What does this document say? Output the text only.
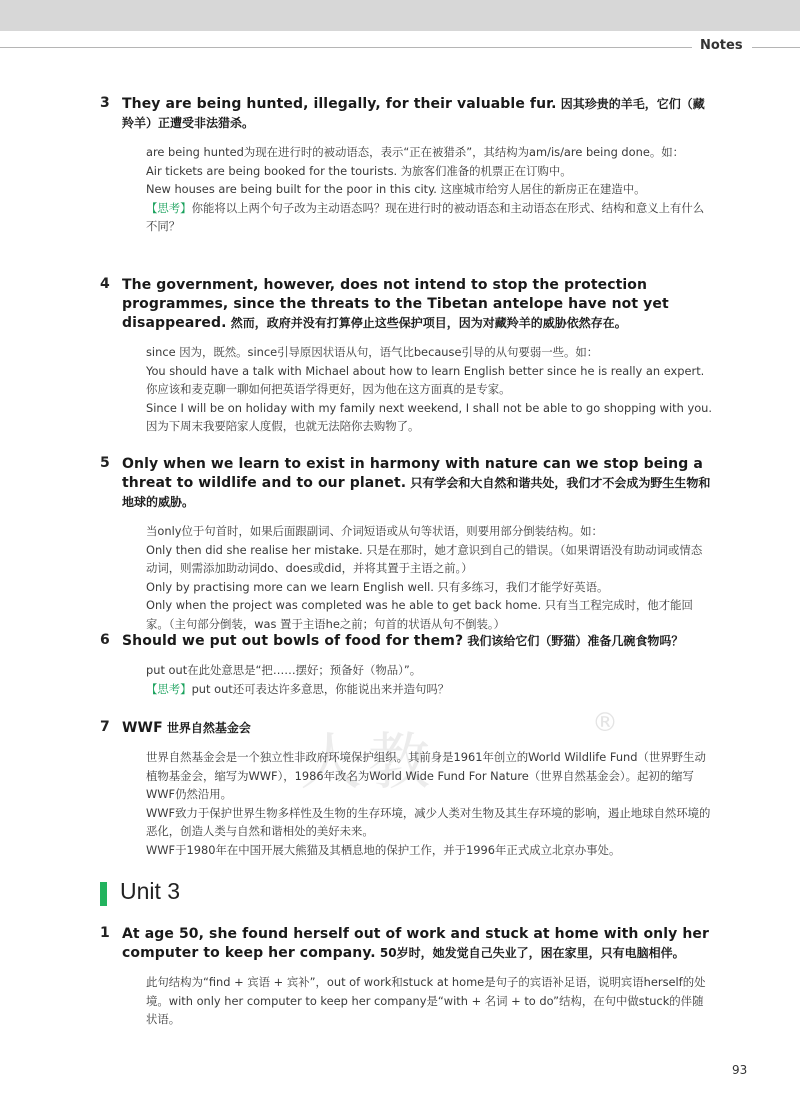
Notes
人教
®
3 They are being hunted, illegally, for their valuable fur. 因其珍贵的羊毛，它们（藏羚羊）正遭受非法猎杀。

are being hunted为现在进行时的被动语态，表示“正在被猎杀”，其结构为am/is/are being done。如：

Air tickets are being booked for the tourists. 为旅客们准备的机票正在订购中。

New houses are being built for the poor in this city. 这座城市给穷人居住的新房正在建造中。

【思考】你能将以上两个句子改为主动语态吗？现在进行时的被动语态和主动语态在形式、结构和意义上有什么不同？

4 The government, however, does not intend to stop the protection programmes, since the threats to the Tibetan antelope have not yet disappeared. 然而，政府并没有打算停止这些保护项目，因为对藏羚羊的威胁依然存在。

since 因为，既然。since引导原因状语从句，语气比because引导的从句要弱一些。如：

You should have a talk with Michael about how to learn English better since he is really an expert. 你应该和麦克聊一聊如何把英语学得更好，因为他在这方面真的是专家。

Since I will be on holiday with my family next weekend, I shall not be able to go shopping with you. 因为下周末我要陪家人度假，也就无法陪你去购物了。

5 Only when we learn to exist in harmony with nature can we stop being a threat to wildlife and to our planet. 只有学会和大自然和谐共处，我们才不会成为野生生物和地球的威胁。

当only位于句首时，如果后面跟副词、介词短语或从句等状语，则要用部分倒装结构。如：

Only then did she realise her mistake. 只是在那时，她才意识到自己的错误。（如果谓语没有助动词或情态动词，则需添加助动词do、does或did，并将其置于主语之前。）

Only by practising more can we learn English well. 只有多练习，我们才能学好英语。

Only when the project was completed was he able to get back home. 只有当工程完成时，他才能回家。（主句部分倒装，was 置于主语he之前；句首的状语从句不倒装。）

6 Should we put out bowls of food for them? 我们该给它们（野猫）准备几碗食物吗？

put out在此处意思是“把……摆好；预备好（物品）”。

【思考】put out还可表达许多意思，你能说出来并造句吗？

7 WWF 世界自然基金会

世界自然基金会是一个独立性非政府环境保护组织。其前身是1961年创立的World Wildlife Fund（世界野生动植物基金会，缩写为WWF），1986年改名为World Wide Fund For Nature（世界自然基金会）。起初的缩写WWF仍然沿用。

WWF致力于保护世界生物多样性及生物的生存环境，减少人类对生物及其生存环境的影响，遏止地球自然环境的恶化，创造人类与自然和谐相处的美好未来。

WWF于1980年在中国开展大熊猫及其栖息地的保护工作，并于1996年正式成立北京办事处。

Unit 3
1 At age 50, she found herself out of work and stuck at home with only her computer to keep her company. 50岁时，她发觉自己失业了，困在家里，只有电脑相伴。

此句结构为“find + 宾语 + 宾补”，out of work和stuck at home是句子的宾语补足语，说明宾语herself的处境。with only her computer to keep her company是“with + 名词 + to do”结构，在句中做stuck的伴随状语。

93
